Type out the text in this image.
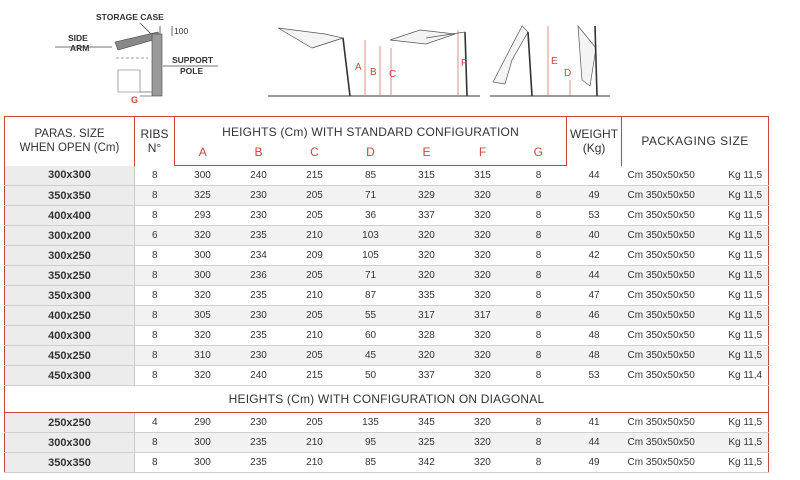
STORAGE CASE
100
SIDE
ARM
SUPPORT
POLE
G
A B C
F	E
D
PARAS. SIZE
WHEN OPEN (Cm)	RIBS
N°	HEIGHTS (Cm) WITH STANDARD CONFIGURATION							WEIGHT
(Kg)	PACKAGING SIZE
		A	B	C	D	E	F	G		
300x300	8	300	240	215	85	315	315	8	44	Cm 350x50x50 Kg 11,5

350x350	8	325	230	205	71	329	320	8	49	Cm 350x50x50 Kg 11,5

400x400	8	293	230	205	36	337	320	8	53	Cm 350x50x50 Kg 11,5

300x200	6	320	235	210	103	320	320	8	40	Cm 350x50x50 Kg 11,5

300x250	8	300	234	209	105	320	320	8	42	Cm 350x50x50 Kg 11,5

350x250	8	300	236	205	71	320	320	8	44	Cm 350x50x50 Kg 11,5

350x300	8	320	235	210	87	335	320	8	47	Cm 350x50x50 Kg 11,5

400x250	8	305	230	205	55	317	317	8	46	Cm 350x50x50 Kg 11,5

400x300	8	320	235	210	60	328	320	8	48	Cm 350x50x50 Kg 11,5

450x250	8	310	230	205	45	320	320	8	48	Cm 350x50x50 Kg 11,5

450x300	8	320	240	215	50	337	320	8	53	Cm 350x50x50 Kg 11,4

HEIGHTS (Cm) WITH CONFIGURATION ON DIAGONAL										
250x250	4	290	230	205	135	345	320	8	41	Cm 350x50x50 Kg 11,5

300x300	8	300	235	210	95	325	320	8	44	Cm 350x50x50 Kg 11,5

350x350	8	300	235	210	85	342	320	8	49	Cm 350x50x50 Kg 11,5
